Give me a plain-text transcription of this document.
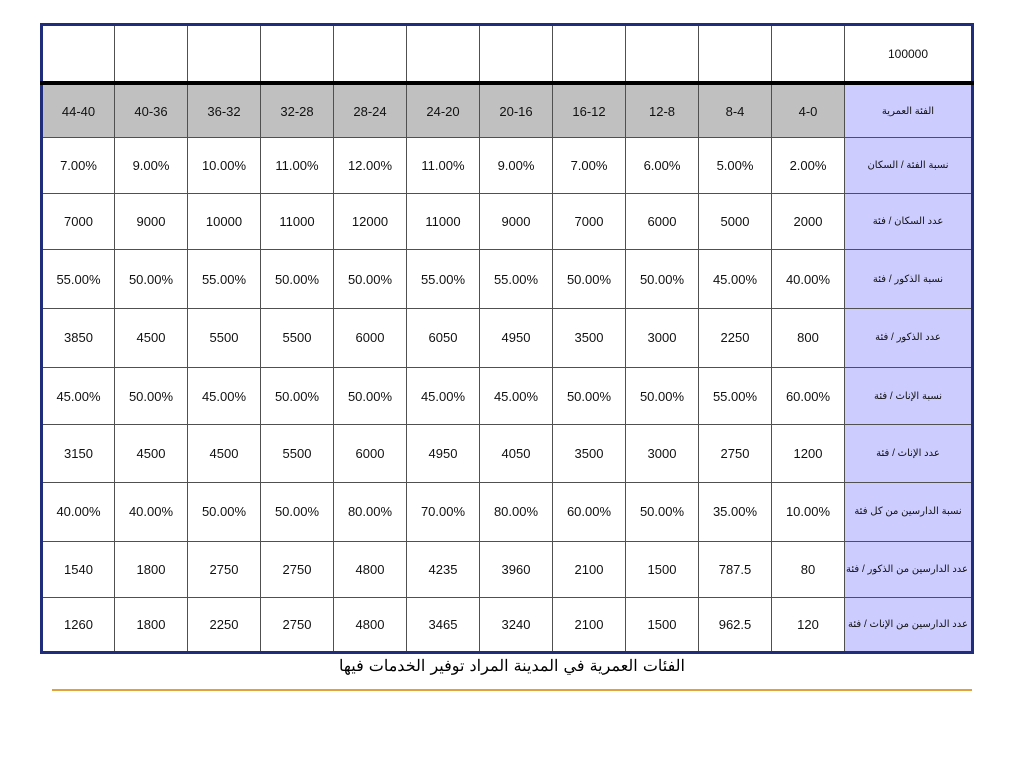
											100000
44-40	40-36	36-32	32-28	28-24	24-20	20-16	16-12	12-8	8-4	4-0	الفئة العمرية
7.00%	9.00%	10.00%	11.00%	12.00%	11.00%	9.00%	7.00%	6.00%	5.00%	2.00%	نسبة الفئة / السكان
7000	9000	10000	11000	12000	11000	9000	7000	6000	5000	2000	عدد السكان / فئة
55.00%	50.00%	55.00%	50.00%	50.00%	55.00%	55.00%	50.00%	50.00%	45.00%	40.00%	نسبة الذكور / فئة
3850	4500	5500	5500	6000	6050	4950	3500	3000	2250	800	عدد الذكور / فئة
45.00%	50.00%	45.00%	50.00%	50.00%	45.00%	45.00%	50.00%	50.00%	55.00%	60.00%	نسبة الإناث / فئة
3150	4500	4500	5500	6000	4950	4050	3500	3000	2750	1200	عدد الإناث / فئة
40.00%	40.00%	50.00%	50.00%	80.00%	70.00%	80.00%	60.00%	50.00%	35.00%	10.00%	نسبة الدارسين من كل فئة
1540	1800	2750	2750	4800	4235	3960	2100	1500	787.5	80	عدد الدارسين من الذكور / فئة
1260	1800	2250	2750	4800	3465	3240	2100	1500	962.5	120	عدد الدارسين من الإناث / فئة
الفئات العمرية في المدينة المراد توفير الخدمات فيها
